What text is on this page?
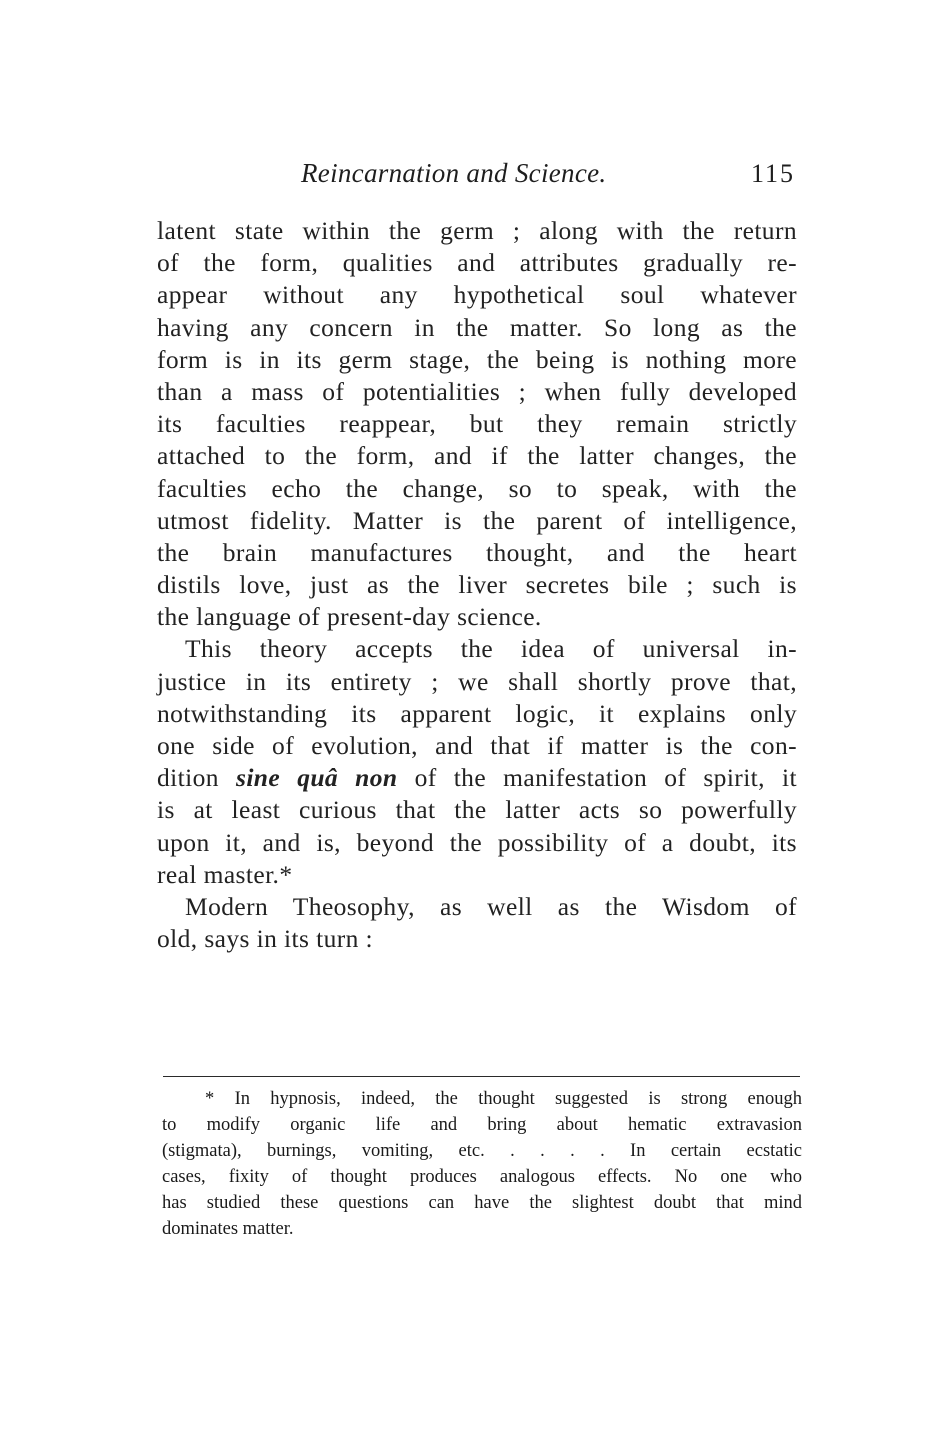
Reincarnation and Science.	115
latent state within the germ ; along with the return
of the form, qualities and attributes gradually re-
appear without any hypothetical soul whatever
having any concern in the matter. So long as the
form is in its germ stage, the being is nothing more
than a mass of potentialities ; when fully developed
its faculties reappear, but they remain strictly
attached to the form, and if the latter changes, the
faculties echo the change, so to speak, with the
utmost fidelity. Matter is the parent of intelligence,
the brain manufactures thought, and the heart
distils love, just as the liver secretes bile ; such is
the language of present-day science.
This theory accepts the idea of universal in-
justice in its entirety ; we shall shortly prove that,
notwithstanding its apparent logic, it explains only
one side of evolution, and that if matter is the con-
dition sine quâ non of the manifestation of spirit, it
is at least curious that the latter acts so powerfully
upon it, and is, beyond the possibility of a doubt, its
real master.*
Modern Theosophy, as well as the Wisdom of
old, says in its turn :
* In hypnosis, indeed, the thought suggested is strong enough
to modify organic life and bring about hematic extravasion
(stigmata), burnings, vomiting, etc. . . . . In certain ecstatic
cases, fixity of thought produces analogous effects. No one who
has studied these questions can have the slightest doubt that mind
dominates matter.
